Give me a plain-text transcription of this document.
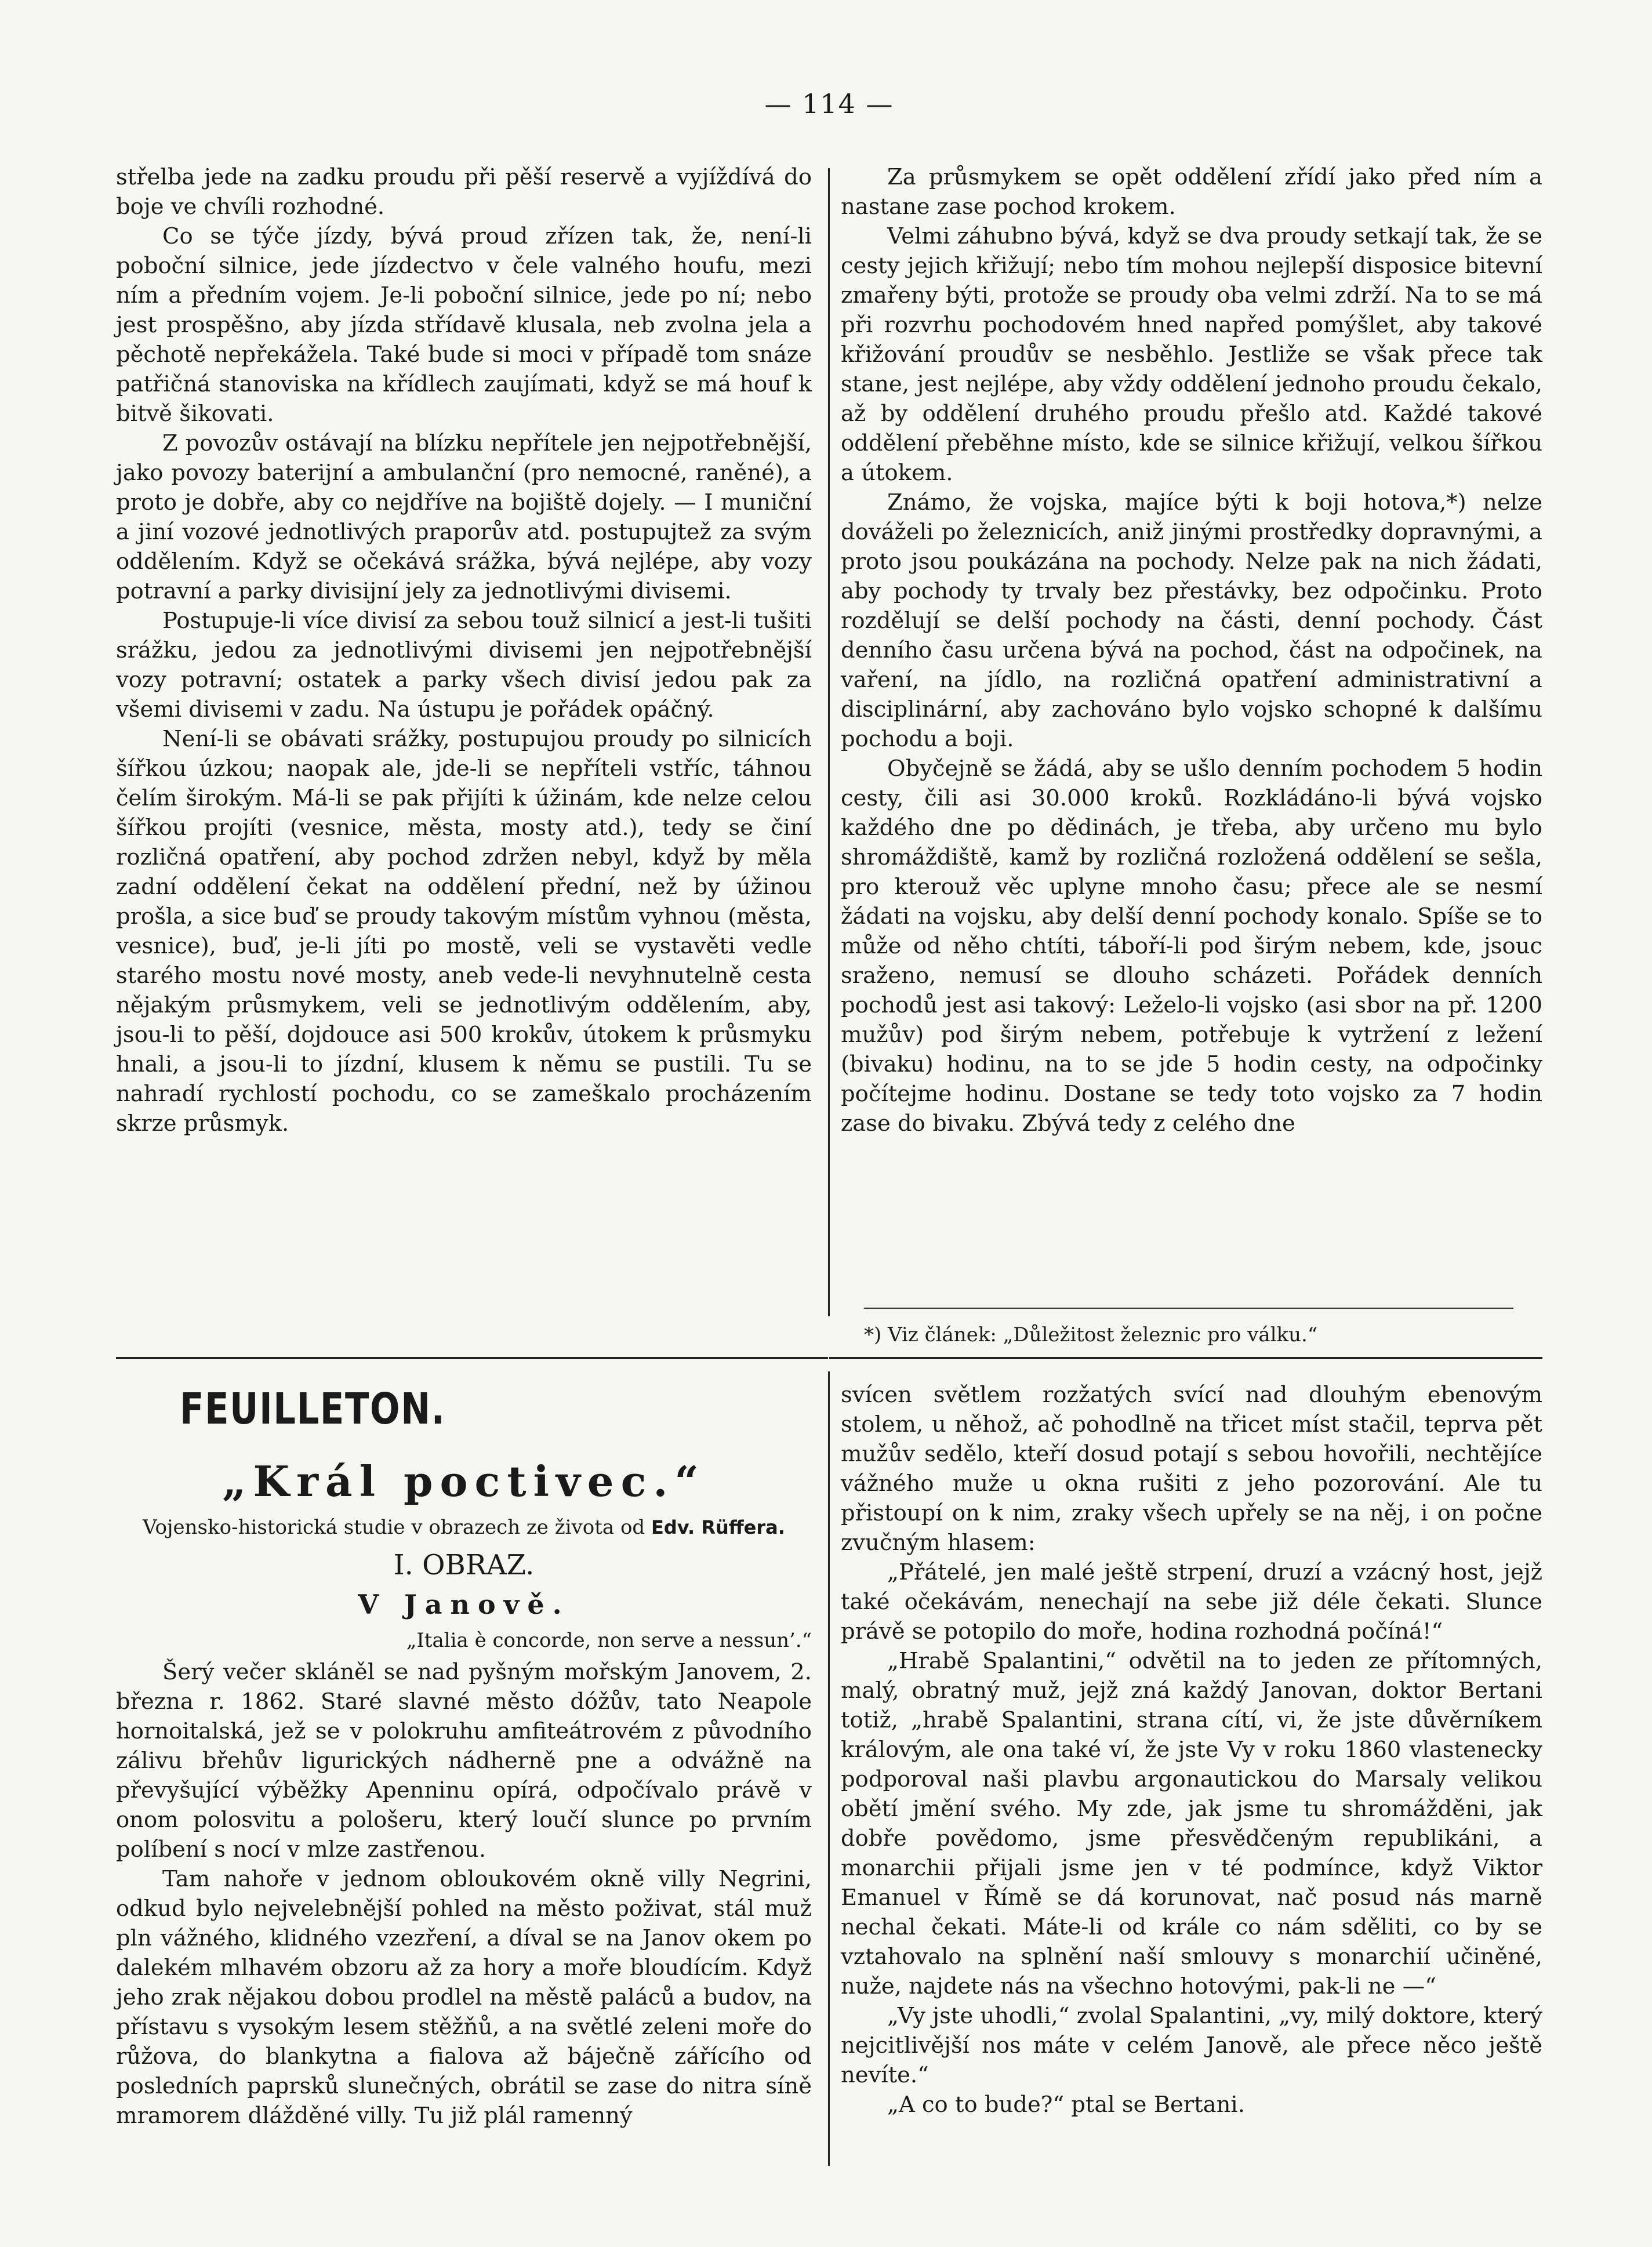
— 114 —

střelba jede na zadku proudu při pěší reservě a vyjíždívá do boje ve chvíli rozhodné.

Co se týče jízdy, bývá proud zřízen tak, že, není-li poboční silnice, jede jízdectvo v čele valného houfu, mezi ním a předním vojem. Je-li poboční silnice, jede po ní; nebo jest prospěšno, aby jízda střídavě klusala, neb zvolna jela a pěchotě nepřekážela. Také bude si moci v případě tom snáze patřičná stanoviska na křídlech zaujímati, když se má houf k bitvě šikovati.

Z povozův ostávají na blízku nepřítele jen nejpotřebnější, jako povozy baterijní a ambulanční (pro nemocné, raněné), a proto je dobře, aby co nejdříve na bojiště dojely. — I muniční a jiní vozové jednotlivých praporův atd. postupujtež za svým oddělením. Když se očekává srážka, bývá nejlépe, aby vozy potravní a parky divisijní jely za jednotlivými divisemi.

Postupuje-li více divisí za sebou touž silnicí a jest-li tušiti srážku, jedou za jednotlivými divisemi jen nejpotřebnější vozy potravní; ostatek a parky všech divisí jedou pak za všemi divisemi v zadu. Na ústupu je pořádek opáčný.

Není-li se obávati srážky, postupujou proudy po silnicích šířkou úzkou; naopak ale, jde-li se nepříteli vstříc, táhnou čelím širokým. Má-li se pak přijíti k úžinám, kde nelze celou šířkou projíti (vesnice, města, mosty atd.), tedy se činí rozličná opatření, aby pochod zdržen nebyl, když by měla zadní oddělení čekat na oddělení přední, než by úžinou prošla, a sice buď se proudy takovým místům vyhnou (města, vesnice), buď, je-li jíti po mostě, veli se vystavěti vedle starého mostu nové mosty, aneb vede-li nevyhnutelně cesta nějakým průsmykem, veli se jednotlivým oddělením, aby, jsou-li to pěší, dojdouce asi 500 krokův, útokem k průsmyku hnali, a jsou-li to jízdní, klusem k němu se pustili. Tu se nahradí rychlostí pochodu, co se zameškalo procházením skrze průsmyk.

Za průsmykem se opět oddělení zřídí jako před ním a nastane zase pochod krokem.

Velmi záhubno bývá, když se dva proudy setkají tak, že se cesty jejich křižují; nebo tím mohou nejlepší disposice bitevní zmařeny býti, protože se proudy oba velmi zdrží. Na to se má při rozvrhu pochodovém hned napřed pomýšlet, aby takové křižování proudův se nesběhlo. Jestliže se však přece tak stane, jest nejlépe, aby vždy oddělení jednoho proudu čekalo, až by oddělení druhého proudu přešlo atd. Každé takové oddělení přeběhne místo, kde se silnice křižují, velkou šířkou a útokem.

Známo, že vojska, majíce býti k boji hotova,*) nelze dováželi po železnicích, aniž jinými prostředky dopravnými, a proto jsou poukázána na pochody. Nelze pak na nich žádati, aby pochody ty trvaly bez přestávky, bez odpočinku. Proto rozdělují se delší pochody na části, denní pochody. Část denního času určena bývá na pochod, část na odpočinek, na vaření, na jídlo, na rozličná opatření administrativní a disciplinární, aby zachováno bylo vojsko schopné k dalšímu pochodu a boji.

Obyčejně se žádá, aby se ušlo denním pochodem 5 hodin cesty, čili asi 30.000 kroků. Rozkládáno-li bývá vojsko každého dne po dědinách, je třeba, aby určeno mu bylo shromáždiště, kamž by rozličná rozložená oddělení se sešla, pro kterouž věc uplyne mnoho času; přece ale se nesmí žádati na vojsku, aby delší denní pochody konalo. Spíše se to může od něho chtíti, táboří-li pod širým nebem, kde, jsouc sraženo, nemusí se dlouho scházeti. Pořádek denních pochodů jest asi takový: Leželo-li vojsko (asi sbor na př. 1200 mužův) pod širým nebem, potřebuje k vytržení z ležení (bivaku) hodinu, na to se jde 5 hodin cesty, na odpočinky počítejme hodinu. Dostane se tedy toto vojsko za 7 hodin zase do bivaku. Zbývá tedy z celého dne

*) Viz článek: „Důležitost železnic pro válku.“
FEUILLETON.
„Král poctivec.“
Vojensko-historická studie v obrazech ze života od Edv. Rüffera.
I. OBRAZ.
V Janově.
„Italia è concorde, non serve a nessun’.“

Šerý večer skláněl se nad pyšným mořským Janovem, 2. března r. 1862. Staré slavné město dóžův, tato Neapole hornoitalská, jež se v polokruhu amfiteátrovém z původního zálivu břehův ligurických nádherně pne a odvážně na převyšující výběžky Apenninu opírá, odpočívalo právě v onom polosvitu a pološeru, který loučí slunce po prvním políbení s nocí v mlze zastřenou.

Tam nahoře v jednom obloukovém okně villy Negrini, odkud bylo nejvelebnější pohled na město poživat, stál muž pln vážného, klidného vzezření, a díval se na Janov okem po dalekém mlhavém obzoru až za hory a moře bloudícím. Když jeho zrak nějakou dobou prodlel na městě paláců a budov, na přístavu s vysokým lesem stěžňů, a na světlé zeleni moře do růžova, do blankytna a fialova až báječně zářícího od posledních paprsků slunečných, obrátil se zase do nitra síně mramorem dlážděné villy. Tu již plál ramenný

svícen světlem rozžatých svící nad dlouhým ebenovým stolem, u něhož, ač pohodlně na třicet míst stačil, teprva pět mužův sedělo, kteří dosud potají s sebou hovořili, nechtějíce vážného muže u okna rušiti z jeho pozorování. Ale tu přistoupí on k nim, zraky všech upřely se na něj, i on počne zvučným hlasem:

„Přátelé, jen malé ještě strpení, druzí a vzácný host, jejž také očekávám, nenechají na sebe již déle čekati. Slunce právě se potopilo do moře, hodina rozhodná počíná!“

„Hrabě Spalantini,“ odvětil na to jeden ze přítomných, malý, obratný muž, jejž zná každý Janovan, doktor Bertani totiž, „hrabě Spalantini, strana cítí, vi, že jste důvěrníkem královým, ale ona také ví, že jste Vy v roku 1860 vlastenecky podporoval naši plavbu argonautickou do Marsaly velikou obětí jmění svého. My zde, jak jsme tu shromážděni, jak dobře povědomo, jsme přesvědčeným republikáni, a monarchii přijali jsme jen v té podmínce, když Viktor Emanuel v Římě se dá korunovat, nač posud nás marně nechal čekati. Máte-li od krále co nám sděliti, co by se vztahovalo na splnění naší smlouvy s monarchií učiněné, nuže, najdete nás na všechno hotovými, pak-li ne —“

„Vy jste uhodli,“ zvolal Spalantini, „vy, milý doktore, který nejcitlivější nos máte v celém Janově, ale přece něco ještě nevíte.“

„A co to bude?“ ptal se Bertani.
